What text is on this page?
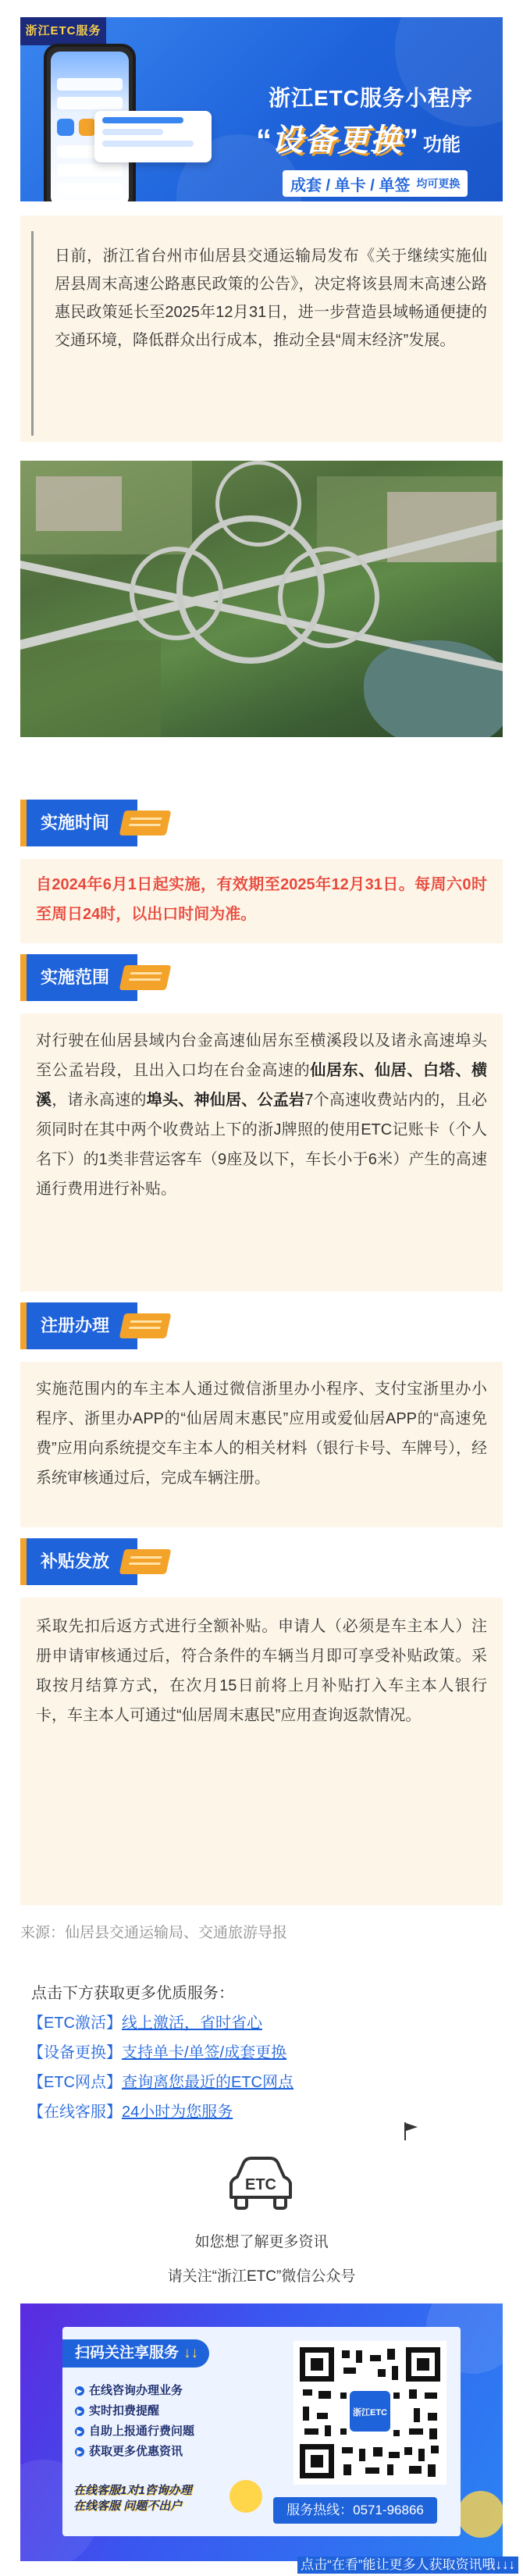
浙江ETC服务
浙江ETC服务小程序
“设备更换” 功能
成套 / 单卡 / 单签 均可更换

日前，浙江省台州市仙居县交通运输局发布《关于继续实施仙居县周末高速公路惠民政策的公告》，决定将该县周末高速公路惠民政策延长至2025年12月31日，进一步营造县域畅通便捷的交通环境，降低群众出行成本，推动全县“周末经济”发展。

实施时间

自2024年6月1日起实施，有效期至2025年12月31日。每周六0时至周日24时，以出口时间为准。

实施范围

对行驶在仙居县域内台金高速仙居东至横溪段以及诸永高速埠头至公孟岩段，且出入口均在台金高速的仙居东、仙居、白塔、横溪，诸永高速的埠头、神仙居、公孟岩7个高速收费站内的，且必须同时在其中两个收费站上下的浙J牌照的使用ETC记账卡（个人名下）的1类非营运客车（9座及以下，车长小于6米）产生的高速通行费用进行补贴。

注册办理

实施范围内的车主本人通过微信浙里办小程序、支付宝浙里办小程序、浙里办APP的“仙居周末惠民”应用或爱仙居APP的“高速免费”应用向系统提交车主本人的相关材料（银行卡号、车牌号），经系统审核通过后，完成车辆注册。

补贴发放

采取先扣后返方式进行全额补贴。申请人（必须是车主本人）注册申请审核通过后，符合条件的车辆当月即可享受补贴政策。采取按月结算方式，在次月15日前将上月补贴打入车主本人银行卡，车主本人可通过“仙居周末惠民”应用查询返款情况。

来源：仙居县交通运输局、交通旅游导报
点击下方获取更多优质服务：
【ETC激活】线上激活，省时省心
【设备更换】支持单卡/单签/成套更换
【ETC网点】查询离您最近的ETC网点
【在线客服】24小时为您服务
ETC
如您想了解更多资讯
请关注“浙江ETC”微信公众号
扫码关注享服务 ↓↓
▶ 在线咨询办理业务
▶ 实时扣费提醒
▶ 自助上报通行费问题
▶ 获取更多优惠资讯
在线客服1对1咨询办理
在线客服 问题不出户
浙江ETC
服务热线：0571-96866
点击“在看”能让更多人获取资讯哦↓↓↓
